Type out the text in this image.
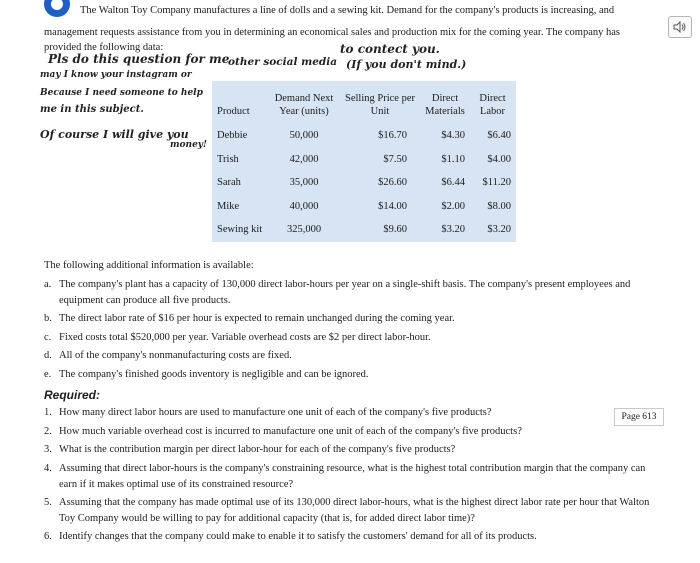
The Walton Toy Company manufactures a line of dolls and a sewing kit. Demand for the company's products is increasing, and
management requests assistance from you in determining an economical sales and production mix for the coming year. The company has
provided the following data:
Pls do this question for me
to contect you.
may I know your instagram or
other social media (If you don't mind.)
Because I need someone to help
me in this subject.
Of course I will give you
money!
Product	Demand Next Year (units)	Selling Price per Unit	Direct Materials	Direct Labor
Debbie	50,000	$16.70	$4.30	$6.40
Trish	42,000	$7.50	$1.10	$4.00
Sarah	35,000	$26.60	$6.44	$11.20
Mike	40,000	$14.00	$2.00	$8.00
Sewing kit	325,000	$9.60	$3.20	$3.20
The following additional information is available:
a. The company's plant has a capacity of 130,000 direct labor-hours per year on a single-shift basis. The company's present employees and equipment can produce all five products.
b. The direct labor rate of $16 per hour is expected to remain unchanged during the coming year.
c. Fixed costs total $520,000 per year. Variable overhead costs are $2 per direct labor-hour.
d. All of the company's nonmanufacturing costs are fixed.
e. The company's finished goods inventory is negligible and can be ignored.
Required:
Page 613
1. How many direct labor hours are used to manufacture one unit of each of the company's five products?
2. How much variable overhead cost is incurred to manufacture one unit of each of the company's five products?
3. What is the contribution margin per direct labor-hour for each of the company's five products?
4. Assuming that direct labor-hours is the company's constraining resource, what is the highest total contribution margin that the company can earn if it makes optimal use of its constrained resource?
5. Assuming that the company has made optimal use of its 130,000 direct labor-hours, what is the highest direct labor rate per hour that Walton Toy Company would be willing to pay for additional capacity (that is, for added direct labor time)?
6. Identify changes that the company could make to enable it to satisfy the customers' demand for all of its products.
